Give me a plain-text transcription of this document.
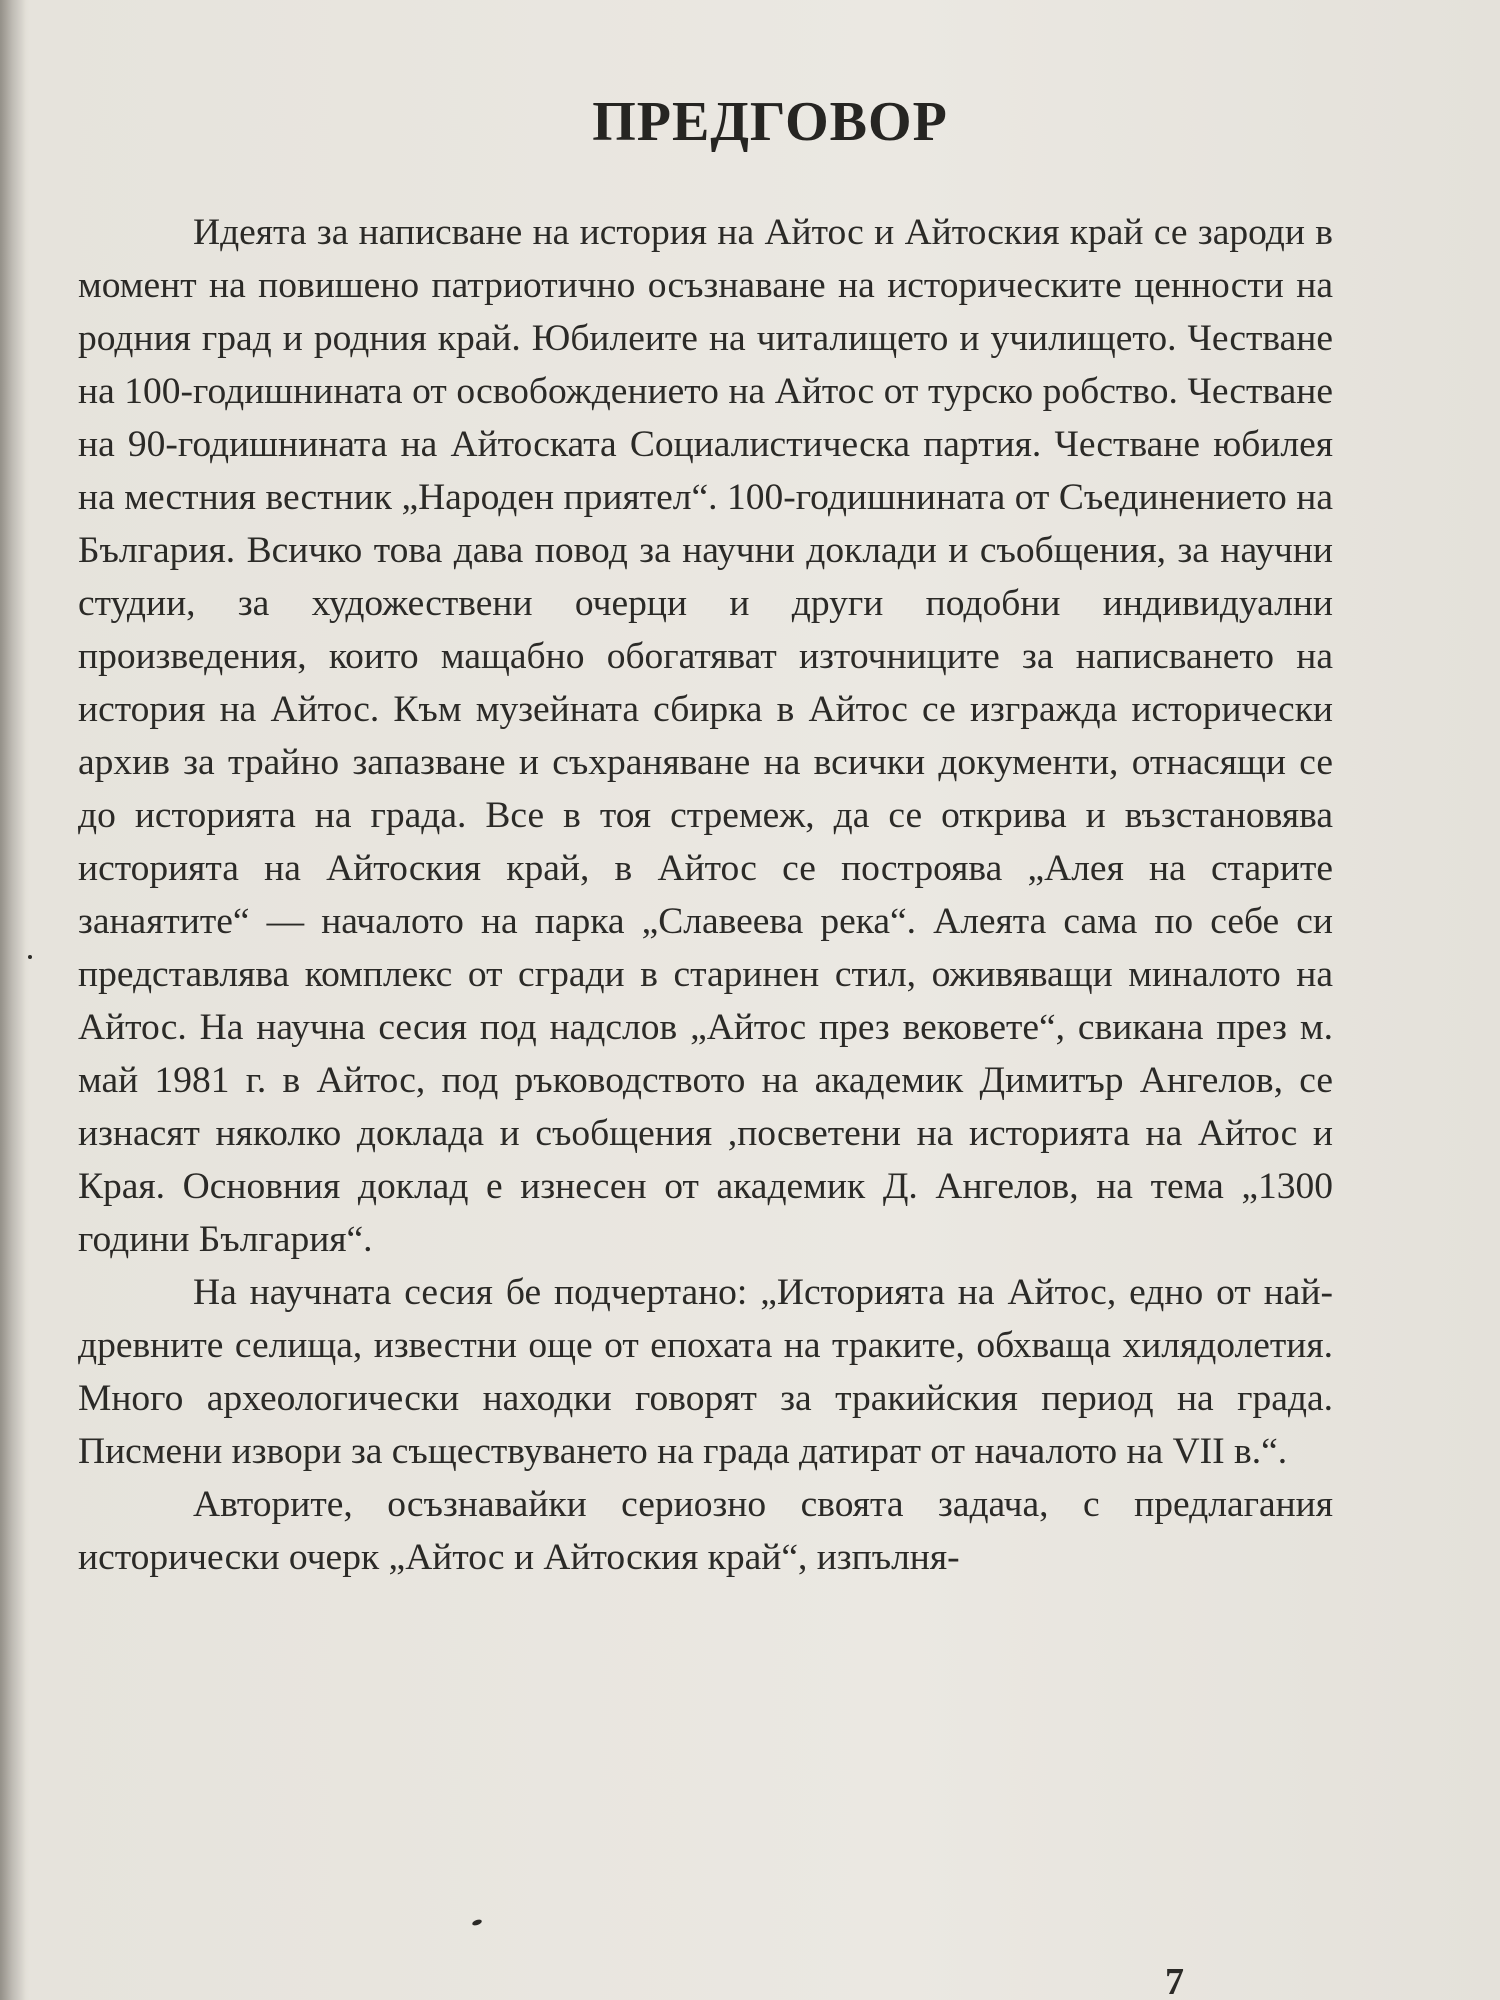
ПРЕДГОВОР

Идеята за написване на история на Айтос и Айтоския край се зароди в момент на повишено патриотично осъзнаване на историческите ценности на родния град и родния край. Юбилеите на читалището и училището. Честване на 100-годишнината от освобождението на Айтос от турско робство. Честване на 90-годишнината на Айтоската Социалистическа партия. Честване юбилея на местния вестник „Народен приятел“. 100-годишнината от Съединението на България. Всичко това дава повод за научни доклади и съобщения, за научни студии, за художествени очерци и други подобни индивидуални произведения, които мащабно обогатяват източниците за написването на история на Айтос. Към музейната сбирка в Айтос се изгражда исторически архив за трайно запазване и съхраняване на всички документи, отнасящи се до историята на града. Все в тоя стремеж, да се открива и възстановява историята на Айтоския край, в Айтос се построява „Алея на старите занаятите“ — началото на парка „Славеева река“. Алеята сама по себе си представлява комплекс от сгради в старинен стил, оживяващи миналото на Айтос. На научна сесия под надслов „Айтос през вековете“, свикана през м. май 1981 г. в Айтос, под ръководството на академик Димитър Ангелов, се изнасят няколко доклада и съобщения ,посветени на историята на Айтос и Края. Основния доклад е изнесен от академик Д. Ангелов, на тема „1300 години България“.

На научната сесия бе подчертано: „Историята на Айтос, едно от най-древните селища, известни още от епохата на траките, обхваща хилядолетия. Много археологически находки говорят за тракийския период на града. Писмени извори за съществуването на града датират от началото на VII в.“.

Авторите, осъзнавайки сериозно своята задача, с предлагания исторически очерк „Айтос и Айтоския край“, изпълня-

7
